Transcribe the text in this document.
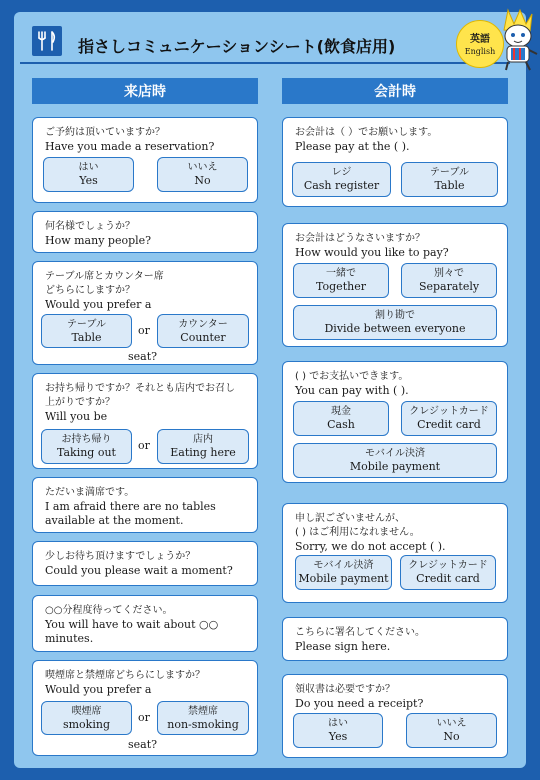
指さしコミュニケーションシート(飲食店用)	英語
English
来店時
ご予約は頂いていますか？
Have you made a reservation?
はい
Yes
いいえ
No
何名様でしょうか？
How many people?
テーブル席とカウンター席
どちらにしますか？
Would you prefer a
テーブル
Table	or	カウンター
Counter
seat?
お持ち帰りですか？それとも店内でお召し
上がりですか？
Will you be
お持ち帰り
Taking out
or	店内
Eating here
ただいま満席です。
I am afraid there are no tables
available at the moment.
少しお待ち頂けますでしょうか？
Could you please wait a moment?
○○分程度待ってください。
You will have to wait about ○○
minutes.
喫煙席と禁煙席どちらにしますか？
Would you prefer a
喫煙席
smoking	or	禁煙席
non-smoking
seat?
会計時
お会計は（ ）でお願いします。
Please pay at the ( ).
レジ
Cash register
テーブル
Table
お会計はどうなさいますか？
How would you like to pay?
一緒で
Together
別々で
Separately
割り勘で
Divide between everyone
( ) でお支払いできます。
You can pay with ( ).
現金
Cash
クレジットカード
Credit card
モバイル決済
Mobile payment
申し訳ございませんが、
( ) はご利用になれません。
Sorry, we do not accept ( ).
モバイル決済
Mobile payment
クレジットカード
Credit card
こちらに署名してください。
Please sign here.
領収書は必要ですか？
Do you need a receipt?
はい
Yes
いいえ
No
